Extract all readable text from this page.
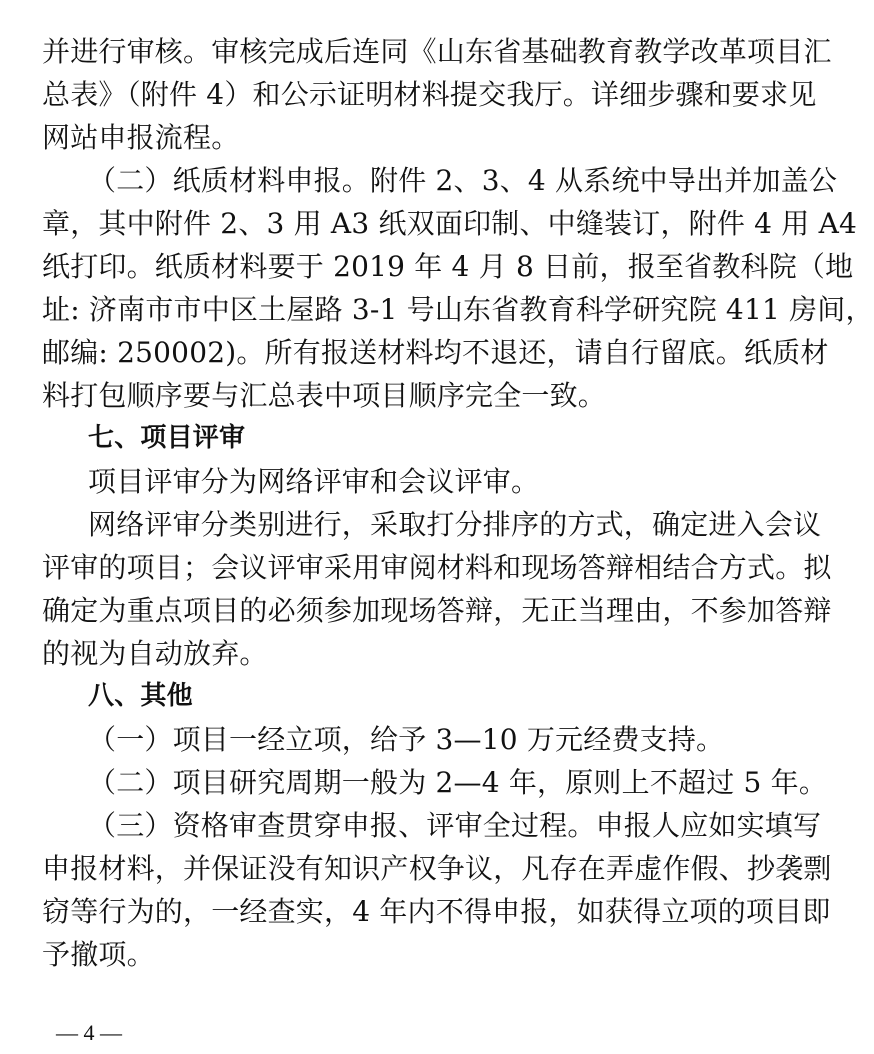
并进行审核。审核完成后连同《山东省基础教育教学改革项目汇
总表》（附件 4）和公示证明材料提交我厅。详细步骤和要求见
网站申报流程。
（二）纸质材料申报。附件 2、3、4 从系统中导出并加盖公
章，其中附件 2、3 用 A3 纸双面印制、中缝装订，附件 4 用 A4
纸打印。纸质材料要于 2019 年 4 月 8 日前，报至省教科院（地
址: 济南市市中区土屋路 3-1 号山东省教育科学研究院 411 房间，
邮编: 250002)。所有报送材料均不退还，请自行留底。纸质材
料打包顺序要与汇总表中项目顺序完全一致。
七、项目评审
项目评审分为网络评审和会议评审。
网络评审分类别进行，采取打分排序的方式，确定进入会议
评审的项目；会议评审采用审阅材料和现场答辩相结合方式。拟
确定为重点项目的必须参加现场答辩，无正当理由，不参加答辩
的视为自动放弃。
八、其他
（一）项目一经立项，给予 3—10 万元经费支持。
（二）项目研究周期一般为 2—4 年，原则上不超过 5 年。
（三）资格审查贯穿申报、评审全过程。申报人应如实填写
申报材料，并保证没有知识产权争议，凡存在弄虚作假、抄袭剽
窃等行为的，一经查实，4 年内不得申报，如获得立项的项目即
予撤项。
— 4 —
